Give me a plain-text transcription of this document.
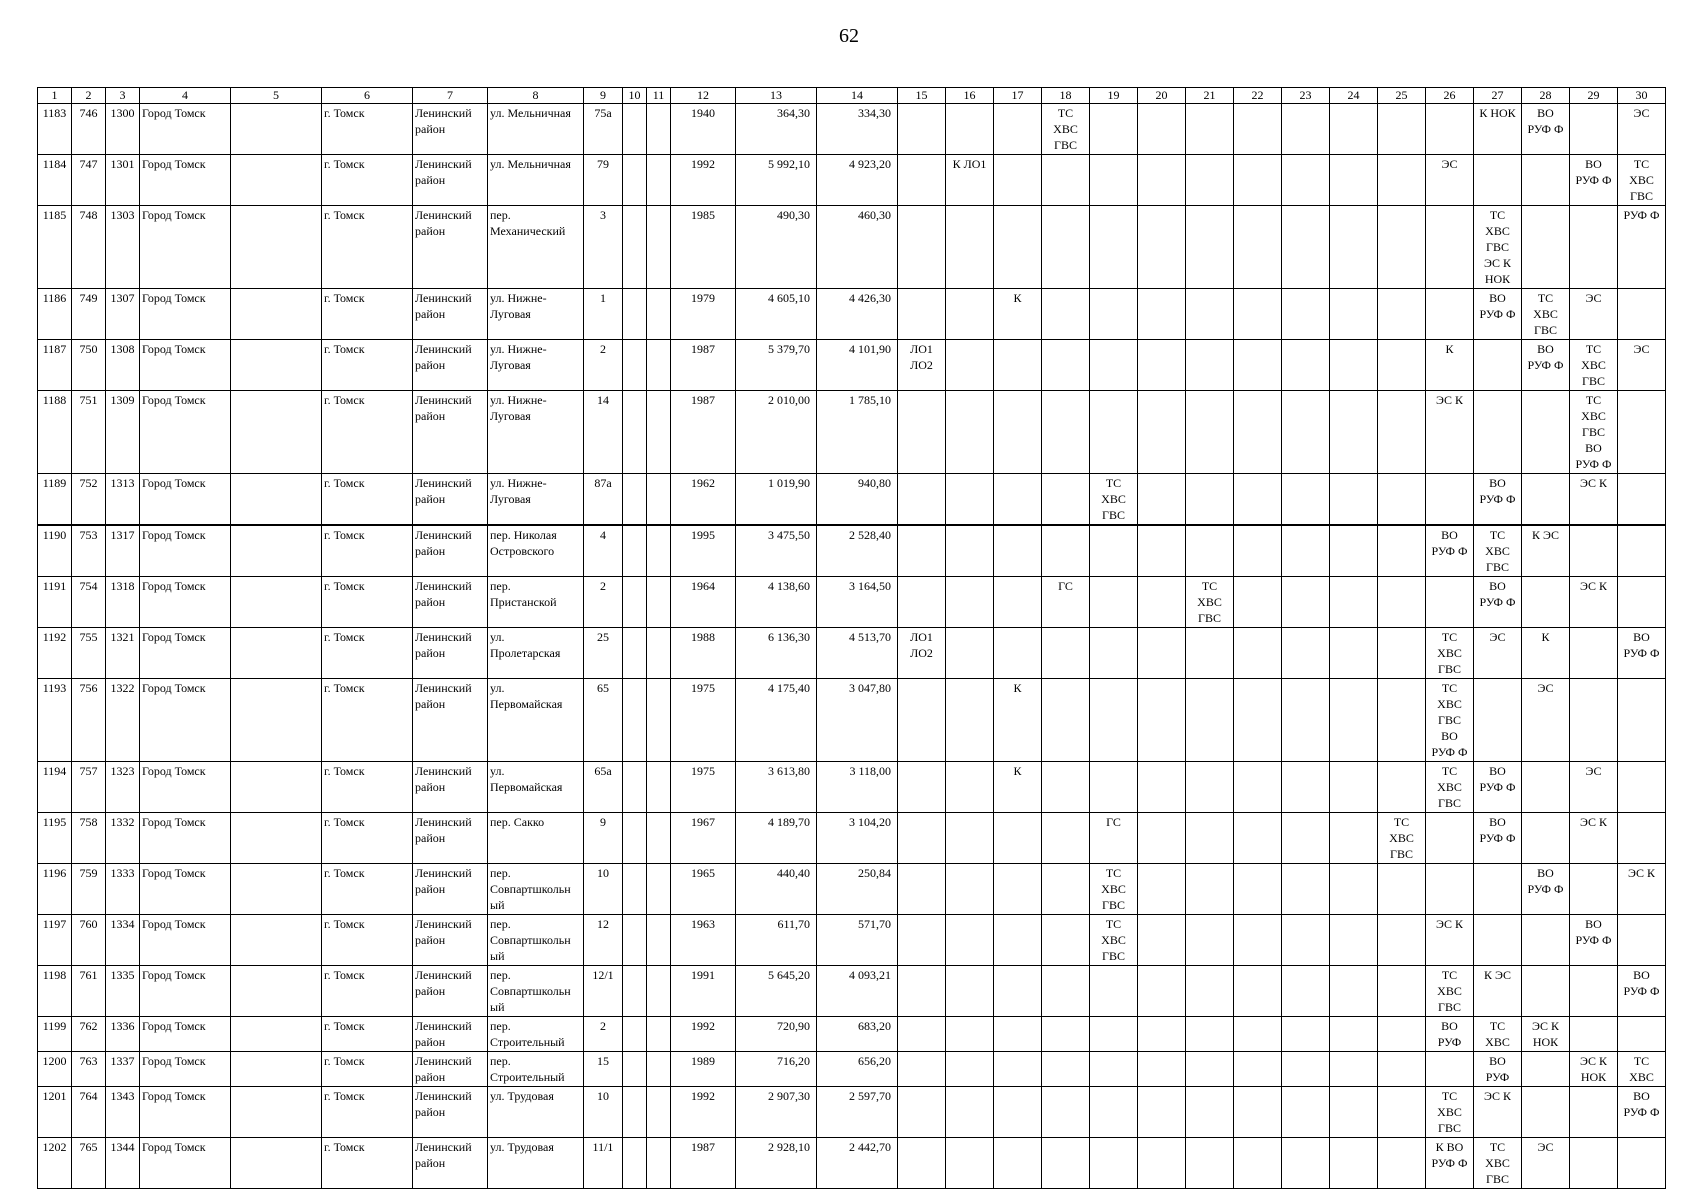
62
1	2	3	4	5	6	7	8	9	10	11	12	13	14	15	16	17	18	19	20	21	22	23	24	25	26	27	28	29	30
1183	746	1300	Город Томск		г. Томск	Ленинский
район	ул. Мельничная	75а			1940	364,30	334,30				ТС
ХВС
ГВС									К НОК	ВО
РУФ Ф		ЭС
1184	747	1301	Город Томск		г. Томск	Ленинский
район	ул. Мельничная	79			1992	5 992,10	4 923,20		К ЛО1										ЭС			ВО
РУФ Ф	ТС
ХВС
ГВС
1185	748	1303	Город Томск		г. Томск	Ленинский
район	пер.
Механический	3			1985	490,30	460,30													ТС
ХВС
ГВС
ЭС К
НОК			РУФ Ф
1186	749	1307	Город Томск		г. Томск	Ленинский
район	ул. Нижне-
Луговая	1			1979	4 605,10	4 426,30			К										ВО
РУФ Ф	ТС
ХВС
ГВС	ЭС	
1187	750	1308	Город Томск		г. Томск	Ленинский
район	ул. Нижне-
Луговая	2			1987	5 379,70	4 101,90	ЛО1
ЛО2											К		ВО
РУФ Ф	ТС
ХВС
ГВС	ЭС
1188	751	1309	Город Томск		г. Томск	Ленинский
район	ул. Нижне-
Луговая	14			1987	2 010,00	1 785,10												ЭС К			ТС
ХВС
ГВС
ВО
РУФ Ф	
1189	752	1313	Город Томск		г. Томск	Ленинский
район	ул. Нижне-
Луговая	87а			1962	1 019,90	940,80					ТС
ХВС
ГВС								ВО
РУФ Ф		ЭС К	
1190	753	1317	Город Томск		г. Томск	Ленинский
район	пер. Николая
Островского	4			1995	3 475,50	2 528,40												ВО
РУФ Ф	ТС
ХВС
ГВС	К ЭС		
1191	754	1318	Город Томск		г. Томск	Ленинский
район	пер.
Пристанской	2			1964	4 138,60	3 164,50				ГС			ТС
ХВС
ГВС						ВО
РУФ Ф		ЭС К	
1192	755	1321	Город Томск		г. Томск	Ленинский
район	ул.
Пролетарская	25			1988	6 136,30	4 513,70	ЛО1
ЛО2											ТС
ХВС
ГВС	ЭС	К		ВО
РУФ Ф
1193	756	1322	Город Томск		г. Томск	Ленинский
район	ул.
Первомайская	65			1975	4 175,40	3 047,80			К									ТС
ХВС
ГВС
ВО
РУФ Ф		ЭС		
1194	757	1323	Город Томск		г. Томск	Ленинский
район	ул.
Первомайская	65а			1975	3 613,80	3 118,00			К									ТС
ХВС
ГВС	ВО
РУФ Ф		ЭС	
1195	758	1332	Город Томск		г. Томск	Ленинский
район	пер. Сакко	9			1967	4 189,70	3 104,20					ГС						ТС
ХВС
ГВС		ВО
РУФ Ф		ЭС К	
1196	759	1333	Город Томск		г. Томск	Ленинский
район	пер.
Совпартшкольн
ый	10			1965	440,40	250,84					ТС
ХВС
ГВС									ВО
РУФ Ф		ЭС К
1197	760	1334	Город Томск		г. Томск	Ленинский
район	пер.
Совпартшкольн
ый	12			1963	611,70	571,70					ТС
ХВС
ГВС							ЭС К			ВО
РУФ Ф	
1198	761	1335	Город Томск		г. Томск	Ленинский
район	пер.
Совпартшкольн
ый	12/1			1991	5 645,20	4 093,21												ТС
ХВС
ГВС	К ЭС			ВО
РУФ Ф
1199	762	1336	Город Томск		г. Томск	Ленинский
район	пер.
Строительный	2			1992	720,90	683,20												ВО
РУФ	ТС
ХВС	ЭС К
НОК		
1200	763	1337	Город Томск		г. Томск	Ленинский
район	пер.
Строительный	15			1989	716,20	656,20													ВО
РУФ		ЭС К
НОК	ТС
ХВС
1201	764	1343	Город Томск		г. Томск	Ленинский
район	ул. Трудовая	10			1992	2 907,30	2 597,70												ТС
ХВС
ГВС	ЭС К			ВО
РУФ Ф
1202	765	1344	Город Томск		г. Томск	Ленинский
район	ул. Трудовая	11/1			1987	2 928,10	2 442,70												К ВО
РУФ Ф	ТС
ХВС
ГВС	ЭС		
